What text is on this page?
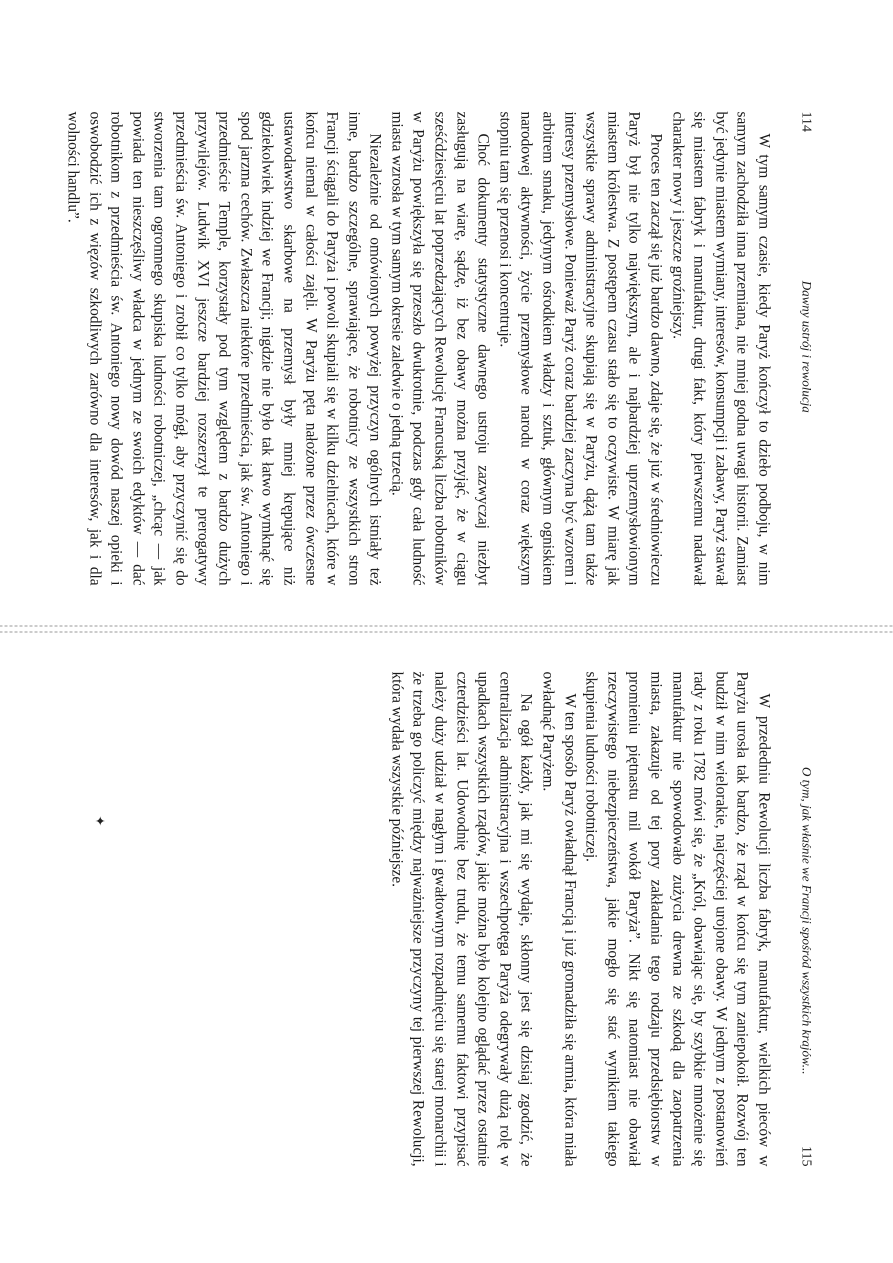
114
Dawny ustrój i rewolucja

W tym samym czasie, kiedy Paryż kończył to dzieło podboju, w nim samym zachodziła inna przemiana, nie mniej godna uwagi historii. Zamiast być jedynie miastem wymiany, interesów, konsumpcji i zabawy, Paryż stawał się miastem fabryk i manufaktur, drugi fakt, który pierwszemu nadawał charakter nowy i jeszcze groźniejszy.

Proces ten zaczął się już bardzo dawno, zdaje się, że już w średniowieczu Paryż był nie tylko największym, ale i najbardziej uprzemysłowionym miastem królestwa. Z postępem czasu stało się to oczywiste. W miarę jak wszystkie sprawy administracyjne skupiają się w Paryżu, dążą tam także interesy przemysłowe. Ponieważ Paryż coraz bardziej zaczyna być wzorem i arbitrem smaku, jedynym ośrodkiem władzy i sztuk, głównym ogniskiem narodowej aktywności, życie przemysłowe narodu w coraz większym stopniu tam się przenosi i koncentruje.

Choć dokumenty statystyczne dawnego ustroju zazwyczaj niezbyt zasługują na wiarę, sądzę, iż bez obawy można przyjąć, że w ciągu sześćdziesięciu lat poprzedzających Rewolucję Francuską liczba robotników w Paryżu powiększyła się przeszło dwukrotnie, podczas gdy cała ludność miasta wzrosła w tym samym okresie zaledwie o jedną trzecią.

Niezależnie od omówionych powyżej przyczyn ogólnych istniały też inne, bardzo szczególne, sprawiające, że robotnicy ze wszystkich stron Francji ściągali do Paryża i powoli skupiali się w kilku dzielnicach, które w końcu niemal w całości zajęli. W Paryżu pęta nałożone przez ówczesne ustawodawstwo skarbowe na przemysł były mniej krępujące niż gdziekolwiek indziej we Francji; nigdzie nie było tak łatwo wymknąć się spod jarzma cechów. Zwłaszcza niektóre przedmieścia, jak św. Antoniego i przedmieście Temple, korzystały pod tym względem z bardzo dużych przywilejów. Ludwik XVI jeszcze bardziej rozszerzył te prerogatywy przedmieścia św. Antoniego i zrobił co tylko mógł, aby przyczynić się do stworzenia tam ogromnego skupiska ludności robotniczej, „chcąc — jak powiada ten nieszczęśliwy władca w jednym ze swoich edyktów — dać robotnikom z przedmieścia św. Antoniego nowy dowód naszej opieki i oswobodzić ich z więzów szkodliwych zarówno dla interesów, jak i dla wolności handlu”.

O tym, jak właśnie we Francji spośród wszystkich krajów...
115

W przededniu Rewolucji liczba fabryk, manufaktur, wielkich pieców w Paryżu urosła tak bardzo, że rząd w końcu się tym zaniepokoił. Rozwój ten budził w nim wielorakie, najczęściej urojone obawy. W jednym z postanowień rady z roku 1782 mówi się, że „Król, obawiając się, by szybkie mnożenie się manufaktur nie spowodowało zużycia drewna ze szkodą dla zaopatrzenia miasta, zakazuje od tej pory zakładania tego rodzaju przedsiębiorstw w promieniu piętnastu mil wokół Paryża”. Nikt się natomiast nie obawiał rzeczywistego niebezpieczeństwa, jakie mogło się stać wynikiem takiego skupienia ludności robotniczej.

W ten sposób Paryż owładnął Francją i już gromadziła się armia, która miała owładnąć Paryżem.

Na ogół każdy, jak mi się wydaje, skłonny jest się dzisiaj zgodzić, że centralizacja administracyjna i wszechpotęga Paryża odegrywały dużą rolę w upadkach wszystkich rządów, jakie można było kolejno oglądać przez ostatnie czterdzieści lat. Udowodnię bez trudu, że temu samemu faktowi przypisać należy duży udział w nagłym i gwałtownym rozpadnięciu się starej monarchii i że trzeba go policzyć między najważniejsze przyczyny tej pierwszej Rewolucji, która wydała wszystkie późniejsze.

✦
